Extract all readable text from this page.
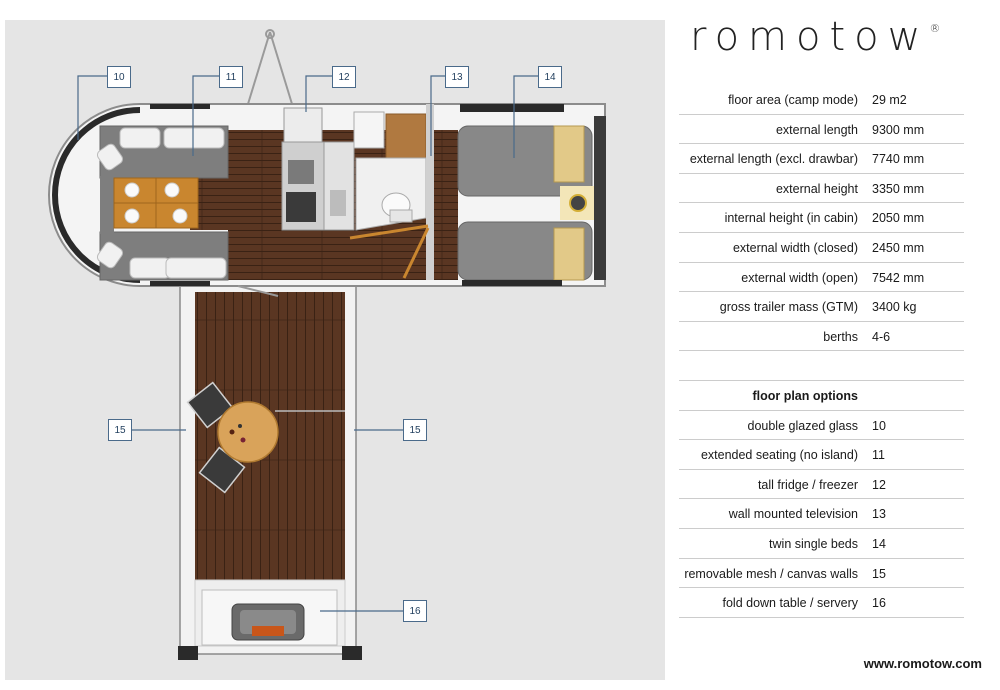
10	11	12	13	14
15	15
16
romotow®
floor area (camp mode) 29 m2
external length 9300 mm
external length (excl. drawbar) 7740 mm
external height 3350 mm
internal height (in cabin) 2050 mm
external width (closed) 2450 mm
external width (open) 7542 mm
gross trailer mass (GTM) 3400 kg
berths 4-6
floor plan options
double glazed glass 10
extended seating (no island) 11
tall fridge / freezer 12
wall mounted television 13
twin single beds 14
removable mesh / canvas walls 15
fold down table / servery 16
www.romotow.com
